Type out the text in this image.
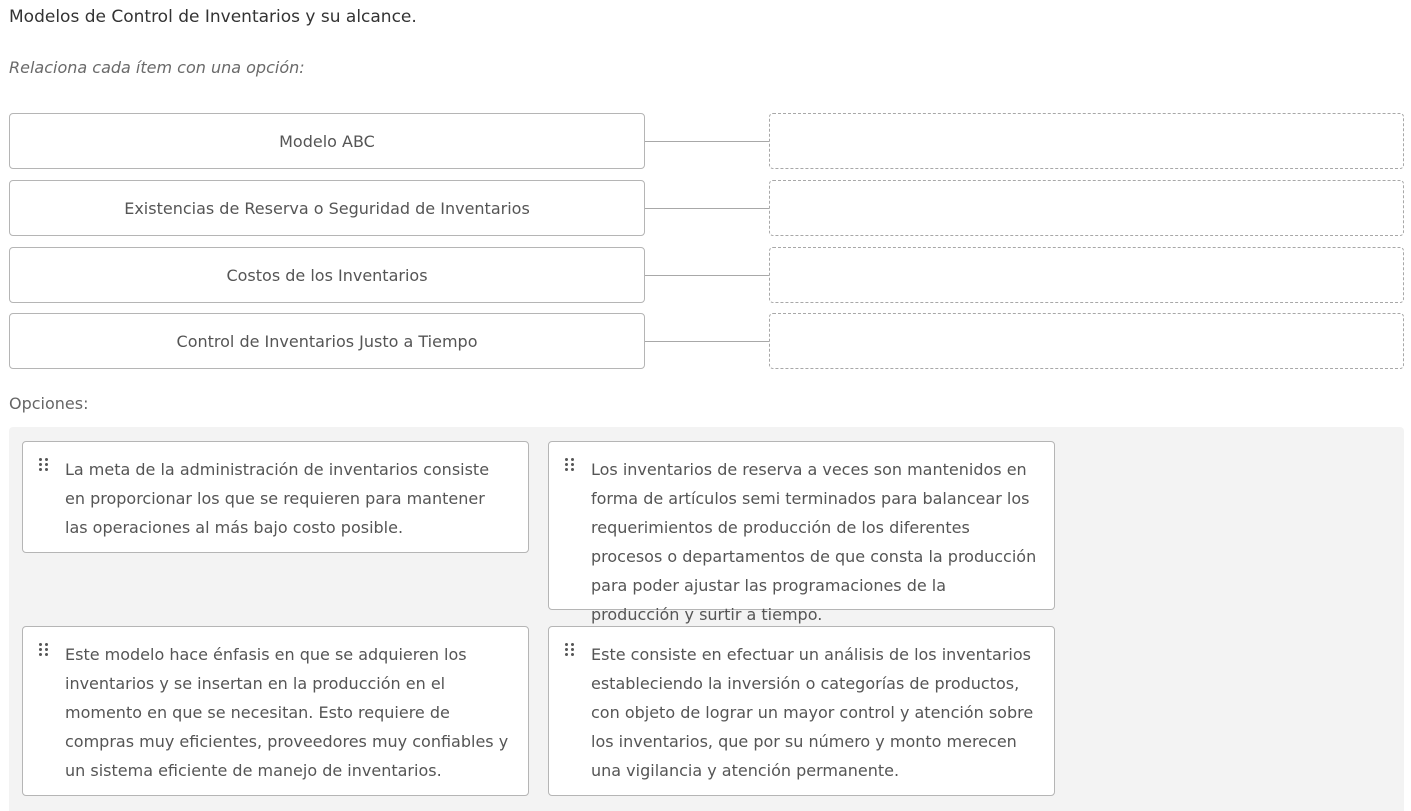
Modelos de Control de Inventarios y su alcance.

Relaciona cada ítem con una opción:

Modelo ABC
Existencias de Reserva o Seguridad de Inventarios
Costos de los Inventarios
Control de Inventarios Justo a Tiempo

Opciones:

La meta de la administración de inventarios consiste en proporcionar los que se requieren para mantener las operaciones al más bajo costo posible.
Los inventarios de reserva a veces son mantenidos en forma de artículos semi terminados para balancear los requerimientos de producción de los diferentes procesos o departamentos de que consta la producción para poder ajustar las programaciones de la producción y surtir a tiempo.
Este modelo hace énfasis en que se adquieren los inventarios y se insertan en la producción en el momento en que se necesitan. Esto requiere de compras muy eficientes, proveedores muy confiables y un sistema eficiente de manejo de inventarios.
Este consiste en efectuar un análisis de los inventarios estableciendo la inversión o categorías de productos, con objeto de lograr un mayor control y atención sobre los inventarios, que por su número y monto merecen una vigilancia y atención permanente.
